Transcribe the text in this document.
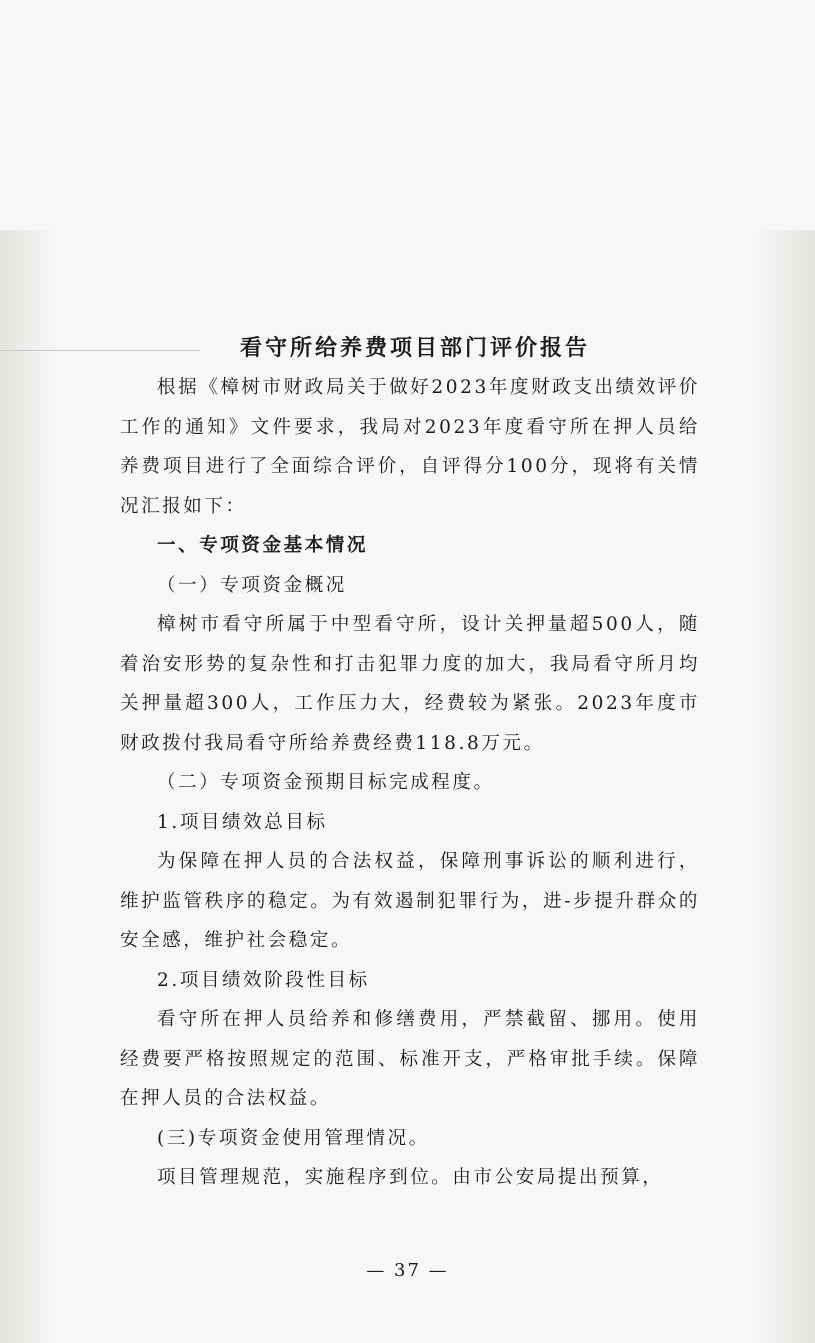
看守所给养费项目部门评价报告

根据《樟树市财政局关于做好2023年度财政支出绩效评价工作的通知》文件要求，我局对2023年度看守所在押人员给养费项目进行了全面综合评价，自评得分100分，现将有关情况汇报如下：

一、专项资金基本情况

（一）专项资金概况

樟树市看守所属于中型看守所，设计关押量超500人，随着治安形势的复杂性和打击犯罪力度的加大，我局看守所月均关押量超300人，工作压力大，经费较为紧张。2023年度市财政拨付我局看守所给养费经费118.8万元。

（二）专项资金预期目标完成程度。

1.项目绩效总目标

为保障在押人员的合法权益，保障刑事诉讼的顺利进行，维护监管秩序的稳定。为有效遏制犯罪行为，进-步提升群众的安全感，维护社会稳定。

2.项目绩效阶段性目标

看守所在押人员给养和修缮费用，严禁截留、挪用。使用经费要严格按照规定的范围、标准开支，严格审批手续。保障在押人员的合法权益。

(三)专项资金使用管理情况。

项目管理规范，实施程序到位。由市公安局提出预算，

— 37 —
